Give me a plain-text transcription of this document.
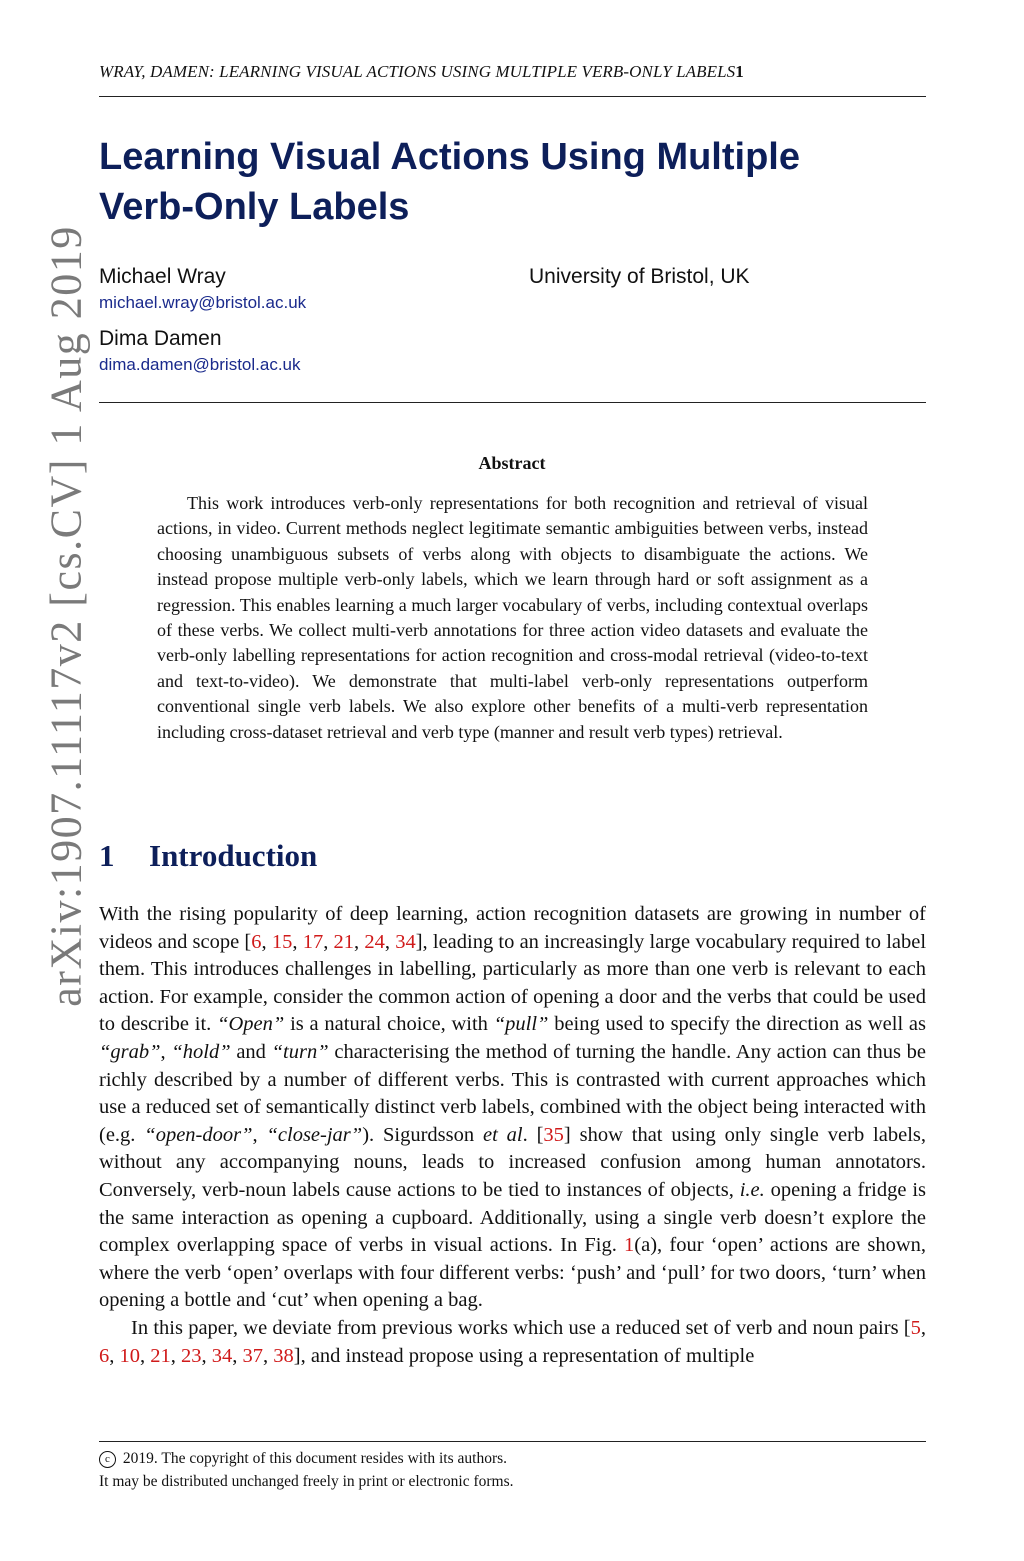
WRAY, DAMEN: LEARNING VISUAL ACTIONS USING MULTIPLE VERB-ONLY LABELS1
arXiv:1907.11117v2 [cs.CV] 1 Aug 2019
Learning Visual Actions Using Multiple
Verb-Only Labels
Michael Wray
michael.wray@bristol.ac.uk
University of Bristol, UK
Dima Damen
dima.damen@bristol.ac.uk
Abstract

This work introduces verb-only representations for both recognition and retrieval of visual actions, in video. Current methods neglect legitimate semantic ambiguities between verbs, instead choosing unambiguous subsets of verbs along with objects to disambiguate the actions. We instead propose multiple verb-only labels, which we learn through hard or soft assignment as a regression. This enables learning a much larger vocabulary of verbs, including contextual overlaps of these verbs. We collect multi-verb annotations for three action video datasets and evaluate the verb-only labelling representations for action recognition and cross-modal retrieval (video-to-text and text-to-video). We demonstrate that multi-label verb-only representations outperform conventional single verb labels. We also explore other benefits of a multi-verb representation including cross-dataset retrieval and verb type (manner and result verb types) retrieval.

1 Introduction

With the rising popularity of deep learning, action recognition datasets are growing in number of videos and scope [6, 15, 17, 21, 24, 34], leading to an increasingly large vocabulary required to label them. This introduces challenges in labelling, particularly as more than one verb is relevant to each action. For example, consider the common action of opening a door and the verbs that could be used to describe it. “Open” is a natural choice, with “pull” being used to specify the direction as well as “grab”, “hold” and “turn” characterising the method of turning the handle. Any action can thus be richly described by a number of different verbs. This is contrasted with current approaches which use a reduced set of semantically distinct verb labels, combined with the object being interacted with (e.g. “open-door”, “close-jar”). Sigurdsson et al. [35] show that using only single verb labels, without any accompanying nouns, leads to increased confusion among human annotators. Conversely, verb-noun labels cause actions to be tied to instances of objects, i.e. opening a fridge is the same interaction as opening a cupboard. Additionally, using a single verb doesn’t explore the complex overlapping space of verbs in visual actions. In Fig. 1(a), four ‘open’ actions are shown, where the verb ‘open’ overlaps with four different verbs: ‘push’ and ‘pull’ for two doors, ‘turn’ when opening a bottle and ‘cut’ when opening a bag.

In this paper, we deviate from previous works which use a reduced set of verb and noun pairs [5, 6, 10, 21, 23, 34, 37, 38], and instead propose using a representation of multiple

c 2019. The copyright of this document resides with its authors.
It may be distributed unchanged freely in print or electronic forms.
